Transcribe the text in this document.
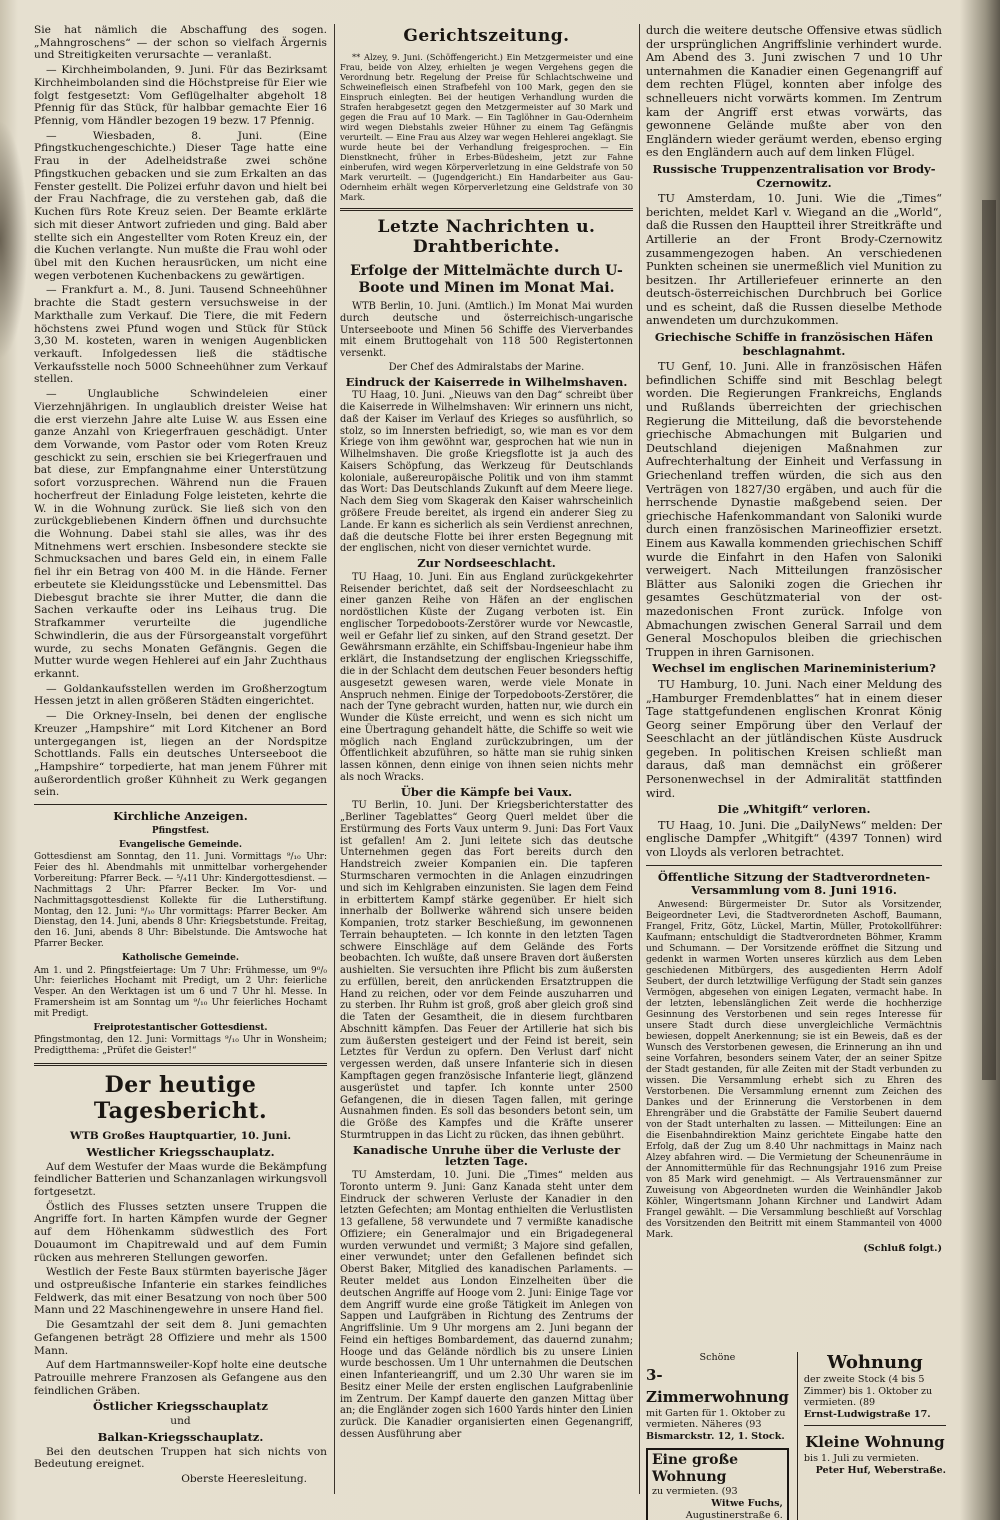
Sie hat nämlich die Abschaffung des sogen. „Mahngroschens“ — der schon so vielfach Ärgernis und Streitigkeiten verursachte — veranlaßt.

— Kirchheimbolanden, 9. Juni. Für das Bezirksamt Kirchheimbolanden sind die Höchstpreise für Eier wie folgt festgesetzt: Vom Geflügelhalter abgeholt 18 Pfennig für das Stück, für halbbar gemachte Eier 16 Pfennig, vom Händler bezogen 19 bezw. 17 Pfennig.

— Wiesbaden, 8. Juni. (Eine Pfingstkuchengeschichte.) Dieser Tage hatte eine Frau in der Adelheidstraße zwei schöne Pfingstkuchen gebacken und sie zum Erkalten an das Fenster gestellt. Die Polizei erfuhr davon und hielt bei der Frau Nachfrage, die zu verstehen gab, daß die Kuchen fürs Rote Kreuz seien. Der Beamte erklärte sich mit dieser Antwort zufrieden und ging. Bald aber stellte sich ein Angestellter vom Roten Kreuz ein, der die Kuchen verlangte. Nun mußte die Frau wohl oder übel mit den Kuchen herausrücken, um nicht eine wegen verbotenen Kuchenbackens zu gewärtigen.

— Frankfurt a. M., 8. Juni. Tausend Schneehühner brachte die Stadt gestern versuchsweise in der Markthalle zum Verkauf. Die Tiere, die mit Federn höchstens zwei Pfund wogen und Stück für Stück 3,30 M. kosteten, waren in wenigen Augenblicken verkauft. Infolgedessen ließ die städtische Verkaufsstelle noch 5000 Schneehühner zum Verkauf stellen.

— Unglaubliche Schwindeleien einer Vierzehnjährigen. In unglaublich dreister Weise hat die erst vierzehn Jahre alte Luise W. aus Essen eine ganze Anzahl von Kriegerfrauen geschädigt. Unter dem Vorwande, vom Pastor oder vom Roten Kreuz geschickt zu sein, erschien sie bei Kriegerfrauen und bat diese, zur Empfangnahme einer Unterstützung sofort vorzusprechen. Während nun die Frauen hocherfreut der Einladung Folge leisteten, kehrte die W. in die Wohnung zurück. Sie ließ sich von den zurückgebliebenen Kindern öffnen und durchsuchte die Wohnung. Dabei stahl sie alles, was ihr des Mitnehmens wert erschien. Insbesondere steckte sie Schmucksachen und bares Geld ein, in einem Falle fiel ihr ein Betrag von 400 M. in die Hände. Ferner erbeutete sie Kleidungsstücke und Lebensmittel. Das Diebesgut brachte sie ihrer Mutter, die dann die Sachen verkaufte oder ins Leihaus trug. Die Strafkammer verurteilte die jugendliche Schwindlerin, die aus der Fürsorgeanstalt vorgeführt wurde, zu sechs Monaten Gefängnis. Gegen die Mutter wurde wegen Hehlerei auf ein Jahr Zuchthaus erkannt.

— Goldankaufsstellen werden im Großherzogtum Hessen jetzt in allen größeren Städten eingerichtet.

— Die Orkney-Inseln, bei denen der englische Kreuzer „Hampshire“ mit Lord Kitchener an Bord untergegangen ist, liegen an der Nordspitze Schottlands. Falls ein deutsches Unterseeboot die „Hampshire“ torpedierte, hat man jenem Führer mit außerordentlich großer Kühnheit zu Werk gegangen sein.

Kirchliche Anzeigen.
Pfingstfest.
Evangelische Gemeinde.

Gottesdienst am Sonntag, den 11. Juni. Vormittags ⁹/₁₀ Uhr: Feier des hl. Abendmahls mit unmittelbar vorhergehender Vorbereitung: Pfarrer Beck. — ⁵/₄11 Uhr: Kindergottesdienst. — Nachmittags 2 Uhr: Pfarrer Becker. Im Vor- und Nachmittagsgottesdienst Kollekte für die Lutherstiftung. Montag, den 12. Juni: ⁹/₁₀ Uhr vormittags: Pfarrer Becker. Am Dienstag, den 14. Juni, abends 8 Uhr: Kriegsbetstunde. Freitag, den 16. Juni, abends 8 Uhr: Bibelstunde. Die Amtswoche hat Pfarrer Becker.

Katholische Gemeinde.

Am 1. und 2. Pfingstfeiertage: Um 7 Uhr: Frühmesse, um 9⁰/₀ Uhr: feierliches Hochamt mit Predigt, um 2 Uhr: feierliche Vesper. An den Werktagen ist um 6 und 7 Uhr hl. Messe. In Framersheim ist am Sonntag um ⁹/₁₀ Uhr feierliches Hochamt mit Predigt.

Freiprotestantischer Gottesdienst.

Pfingstmontag, den 12. Juni: Vormittags ⁹/₁₀ Uhr in Wonsheim; Predigtthema: „Prüfet die Geister!“

Der heutige Tagesbericht.
WTB Großes Hauptquartier, 10. Juni.
Westlicher Kriegsschauplatz.

Auf dem Westufer der Maas wurde die Bekämpfung feindlicher Batterien und Schanzanlagen wirkungsvoll fortgesetzt.

Östlich des Flusses setzten unsere Truppen die Angriffe fort. In harten Kämpfen wurde der Gegner auf dem Höhenkamm südwestlich des Fort Douaumont im Chapitrewald und auf dem Fumin rücken aus mehreren Stellungen geworfen.

Westlich der Feste Baux stürmten bayerische Jäger und ostpreußische Infanterie ein starkes feindliches Feldwerk, das mit einer Besatzung von noch über 500 Mann und 22 Maschinengewehre in unsere Hand fiel.

Die Gesamtzahl der seit dem 8. Juni gemachten Gefangenen beträgt 28 Offiziere und mehr als 1500 Mann.

Auf dem Hartmannsweiler-Kopf holte eine deutsche Patrouille mehrere Franzosen als Gefangene aus den feindlichen Gräben.

Östlicher Kriegsschauplatz
und
Balkan-Kriegsschauplatz.

Bei den deutschen Truppen hat sich nichts von Bedeutung ereignet.

Oberste Heeresleitung.
Gerichtszeitung.

** Alzey, 9. Juni. (Schöffengericht.) Ein Metzgermeister und eine Frau, beide von Alzey, erhielten je wegen Vergehens gegen die Verordnung betr. Regelung der Preise für Schlachtschweine und Schweinefleisch einen Strafbefehl von 100 Mark, gegen den sie Einspruch einlegten. Bei der heutigen Verhandlung wurden die Strafen herabgesetzt gegen den Metzgermeister auf 30 Mark und gegen die Frau auf 10 Mark. — Ein Taglöhner in Gau-Odernheim wird wegen Diebstahls zweier Hühner zu einem Tag Gefängnis verurteilt. — Eine Frau aus Alzey war wegen Hehlerei angeklagt. Sie wurde heute bei der Verhandlung freigesprochen. — Ein Dienstknecht, früher in Erbes-Büdesheim, jetzt zur Fahne einberufen, wird wegen Körperverletzung in eine Geldstrafe von 50 Mark verurteilt. — (Jugendgericht.) Ein Handarbeiter aus Gau-Odernheim erhält wegen Körperverletzung eine Geldstrafe von 30 Mark.

Letzte Nachrichten u. Drahtberichte.
Erfolge der Mittelmächte durch U-Boote und Minen im Monat Mai.

WTB Berlin, 10. Juni. (Amtlich.) Im Monat Mai wurden durch deutsche und österreichisch-ungarische Unterseeboote und Minen 56 Schiffe des Vierverbandes mit einem Bruttogehalt von 118 500 Registertonnen versenkt.

Der Chef des Admiralstabs der Marine.
Eindruck der Kaiserrede in Wilhelmshaven.

TU Haag, 10. Juni. „Nieuws van den Dag“ schreibt über die Kaiserrede in Wilhelmshaven: Wir erinnern uns nicht, daß der Kaiser im Verlauf des Krieges so ausführlich, so stolz, so im Innersten befriedigt, so, wie man es vor dem Kriege von ihm gewöhnt war, gesprochen hat wie nun in Wilhelmshaven. Die große Kriegsflotte ist ja auch des Kaisers Schöpfung, das Werkzeug für Deutschlands koloniale, außereuropäische Politik und von ihm stammt das Wort: Das Deutschlands Zukunft auf dem Meere liege. Nach dem Sieg vom Skagerak den Kaiser wahrscheinlich größere Freude bereitet, als irgend ein anderer Sieg zu Lande. Er kann es sicherlich als sein Verdienst anrechnen, daß die deutsche Flotte bei ihrer ersten Begegnung mit der englischen, nicht von dieser vernichtet wurde.

Zur Nordseeschlacht.

TU Haag, 10. Juni. Ein aus England zurückgekehrter Reisender berichtet, daß seit der Nordseeschlacht zu einer ganzen Reihe von Häfen an der englischen nordöstlichen Küste der Zugang verboten ist. Ein englischer Torpedoboots-Zerstörer wurde vor Newcastle, weil er Gefahr lief zu sinken, auf den Strand gesetzt. Der Gewährsmann erzählte, ein Schiffsbau-Ingenieur habe ihm erklärt, die Instandsetzung der englischen Kriegsschiffe, die in der Schlacht dem deutschen Feuer besonders heftig ausgesetzt gewesen waren, werde viele Monate in Anspruch nehmen. Einige der Torpedoboots-Zerstörer, die nach der Tyne gebracht wurden, hatten nur, wie durch ein Wunder die Küste erreicht, und wenn es sich nicht um eine Übertragung gehandelt hätte, die Schiffe so weit wie möglich nach England zurückzubringen, um der Öffentlichkeit abzuführen, so hätte man sie ruhig sinken lassen können, denn einige von ihnen seien nichts mehr als noch Wracks.

Über die Kämpfe bei Vaux.

TU Berlin, 10. Juni. Der Kriegsberichterstatter des „Berliner Tageblattes“ Georg Querl meldet über die Erstürmung des Forts Vaux unterm 9. Juni: Das Fort Vaux ist gefallen! Am 2. Juni leitete sich das deutsche Unternehmen gegen das Fort bereits durch den Handstreich zweier Kompanien ein. Die tapferen Sturmscharen vermochten in die Anlagen einzudringen und sich im Kehlgraben einzunisten. Sie lagen dem Feind in erbittertem Kampf stärke gegenüber. Er hielt sich innerhalb der Bollwerke während sich unsere beiden Kompanien, trotz starker Beschießung, im gewonnenen Terrain behaupteten. — Ich konnte in den letzten Tagen schwere Einschläge auf dem Gelände des Forts beobachten. Ich wußte, daß unsere Braven dort äußersten aushielten. Sie versuchten ihre Pflicht bis zum äußersten zu erfüllen, bereit, den anrückenden Ersatztruppen die Hand zu reichen, oder vor dem Feinde auszuharren und zu sterben. Ihr Ruhm ist groß, groß aber gleich groß sind die Taten der Gesamtheit, die in diesem furchtbaren Abschnitt kämpfen. Das Feuer der Artillerie hat sich bis zum äußersten gesteigert und der Feind ist bereit, sein Letztes für Verdun zu opfern. Den Verlust darf nicht vergessen werden, daß unsere Infanterie sich in diesen Kampftagen gegen französische Infanterie liegt, glänzend ausgerüstet und tapfer. Ich konnte unter 2500 Gefangenen, die in diesen Tagen fallen, mit geringe Ausnahmen finden. Es soll das besonders betont sein, um die Größe des Kampfes und die Kräfte unserer Sturmtruppen in das Licht zu rücken, das ihnen gebührt.

Kanadische Unruhe über die Verluste der letzten Tage.

TU Amsterdam, 10. Juni. Die „Times“ melden aus Toronto unterm 9. Juni: Ganz Kanada steht unter dem Eindruck der schweren Verluste der Kanadier in den letzten Gefechten; am Montag enthielten die Verlustlisten 13 gefallene, 58 verwundete und 7 vermißte kanadische Offiziere; ein Generalmajor und ein Brigadegeneral wurden verwundet und vermißt; 3 Majore sind gefallen, einer verwundet; unter den Gefallenen befindet sich Oberst Baker, Mitglied des kanadischen Parlaments. — Reuter meldet aus London Einzelheiten über die deutschen Angriffe auf Hooge vom 2. Juni: Einige Tage vor dem Angriff wurde eine große Tätigkeit im Anlegen von Sappen und Laufgräben in Richtung des Zentrums der Angriffslinie. Um 9 Uhr morgens am 2. Juni begann der Feind ein heftiges Bombardement, das dauernd zunahm; Hooge und das Gelände nördlich bis zu unsere Linien wurde beschossen. Um 1 Uhr unternahmen die Deutschen einen Infanterieangriff, und um 2.30 Uhr waren sie im Besitz einer Meile der ersten englischen Laufgrabenlinie im Zentrum. Der Kampf dauerte den ganzen Mittag über an; die Engländer zogen sich 1600 Yards hinter den Linien zurück. Die Kanadier organisierten einen Gegenangriff, dessen Ausführung aber

durch die weitere deutsche Offensive etwas südlich der ursprünglichen Angriffslinie verhindert wurde. Am Abend des 3. Juni zwischen 7 und 10 Uhr unternahmen die Kanadier einen Gegenangriff auf dem rechten Flügel, konnten aber infolge des schnelleuers nicht vorwärts kommen. Im Zentrum kam der Angriff erst etwas vorwärts, das gewonnene Gelände mußte aber von den Engländern wieder geräumt werden, ebenso erging es den Engländern auch auf dem linken Flügel.

Russische Truppenzentralisation vor Brody-Czernowitz.

TU Amsterdam, 10. Juni. Wie die „Times“ berichten, meldet Karl v. Wiegand an die „World“, daß die Russen den Hauptteil ihrer Streitkräfte und Artillerie an der Front Brody-Czernowitz zusammengezogen haben. An verschiedenen Punkten scheinen sie unermeßlich viel Munition zu besitzen. Ihr Artilleriefeuer erinnerte an den deutsch-österreichischen Durchbruch bei Gorlice und es scheint, daß die Russen dieselbe Methode anwendeten um durchzukommen.

Griechische Schiffe in französischen Häfen beschlagnahmt.

TU Genf, 10. Juni. Alle in französischen Häfen befindlichen Schiffe sind mit Beschlag belegt worden. Die Regierungen Frankreichs, Englands und Rußlands überreichten der griechischen Regierung die Mitteilung, daß die bevorstehende griechische Abmachungen mit Bulgarien und Deutschland diejenigen Maßnahmen zur Aufrechterhaltung der Einheit und Verfassung in Griechenland treffen würden, die sich aus den Verträgen von 1827/30 ergäben, und auch für die herrschende Dynastie maßgebend seien. Der griechische Hafenkommandant von Saloniki wurde durch einen französischen Marineoffizier ersetzt. Einem aus Kawalla kommenden griechischen Schiff wurde die Einfahrt in den Hafen von Saloniki verweigert. Nach Mitteilungen französischer Blätter aus Saloniki zogen die Griechen ihr gesamtes Geschützmaterial von der ost-mazedonischen Front zurück. Infolge von Abmachungen zwischen General Sarrail und dem General Moschopulos bleiben die griechischen Truppen in ihren Garnisonen.

Wechsel im englischen Marineministerium?

TU Hamburg, 10. Juni. Nach einer Meldung des „Hamburger Fremdenblattes“ hat in einem dieser Tage stattgefundenen englischen Kronrat König Georg seiner Empörung über den Verlauf der Seeschlacht an der jütländischen Küste Ausdruck gegeben. In politischen Kreisen schließt man daraus, daß man demnächst ein größerer Personenwechsel in der Admiralität stattfinden wird.

Die „Whitgift“ verloren.

TU Haag, 10. Juni. Die „DailyNews“ melden: Der englische Dampfer „Whitgift“ (4397 Tonnen) wird von Lloyds als verloren betrachtet.

Öffentliche Sitzung der Stadtverordneten-Versammlung vom 8. Juni 1916.

Anwesend: Bürgermeister Dr. Sutor als Vorsitzender, Beigeordneter Levi, die Stadtverordneten Aschoff, Baumann, Frangel, Fritz, Götz, Lückel, Martin, Müller, Protokollführer: Kaufmann; entschuldigt die Stadtverordneten Böhmer, Kramm und Schumann. — Der Vorsitzende eröffnet die Sitzung und gedenkt in warmen Worten unseres kürzlich aus dem Leben geschiedenen Mitbürgers, des ausgedienten Herrn Adolf Seubert, der durch letztwillige Verfügung der Stadt sein ganzes Vermögen, abgesehen von einigen Legaten, vermacht habe. In der letzten, lebenslänglichen Zeit werde die hochherzige Gesinnung des Verstorbenen und sein reges Interesse für unsere Stadt durch diese unvergleichliche Vermächtnis bewiesen, doppelt Anerkennung; sie ist ein Beweis, daß es der Wunsch des Verstorbenen gewesen, die Erinnerung an ihn und seine Vorfahren, besonders seinem Vater, der an seiner Spitze der Stadt gestanden, für alle Zeiten mit der Stadt verbunden zu wissen. Die Versammlung erhebt sich zu Ehren des Verstorbenen. Die Versammlung ernennt zum Zeichen des Dankes und der Erinnerung die Verstorbenen in dem Ehrengräber und die Grabstätte der Familie Seubert dauernd von der Stadt unterhalten zu lassen. — Mitteilungen: Eine an die Eisenbahndirektion Mainz gerichtete Eingabe hatte den Erfolg, daß der Zug um 8.40 Uhr nachmittags in Mainz nach Alzey abfahren wird. — Die Vermietung der Scheunenräume in der Annomittermühle für das Rechnungsjahr 1916 zum Preise von 85 Mark wird genehmigt. — Als Vertrauensmänner zur Zuweisung von Abgeordneten wurden die Weinhändler Jakob Köhler, Wingertsmann Johann Kirchner und Landwirt Adam Frangel gewählt. — Die Versammlung beschließt auf Vorschlag des Vorsitzenden den Beitritt mit einem Stammanteil von 4000 Mark.

(Schluß folgt.)
Schöne
3-Zimmerwohnung
mit Garten für 1. Oktober zu vermieten. Näheres (93
Bismarckstr. 12, 1. Stock.
Eine große Wohnung
zu vermieten. (93
Witwe Fuchs,
Augustinerstraße 6.
Wohnung
der zweite Stock (4 bis 5 Zimmer) bis 1. Oktober zu vermieten. (89
Ernst-Ludwigstraße 17.
Kleine Wohnung
bis 1. Juli zu vermieten.
Peter Huf, Weberstraße.
